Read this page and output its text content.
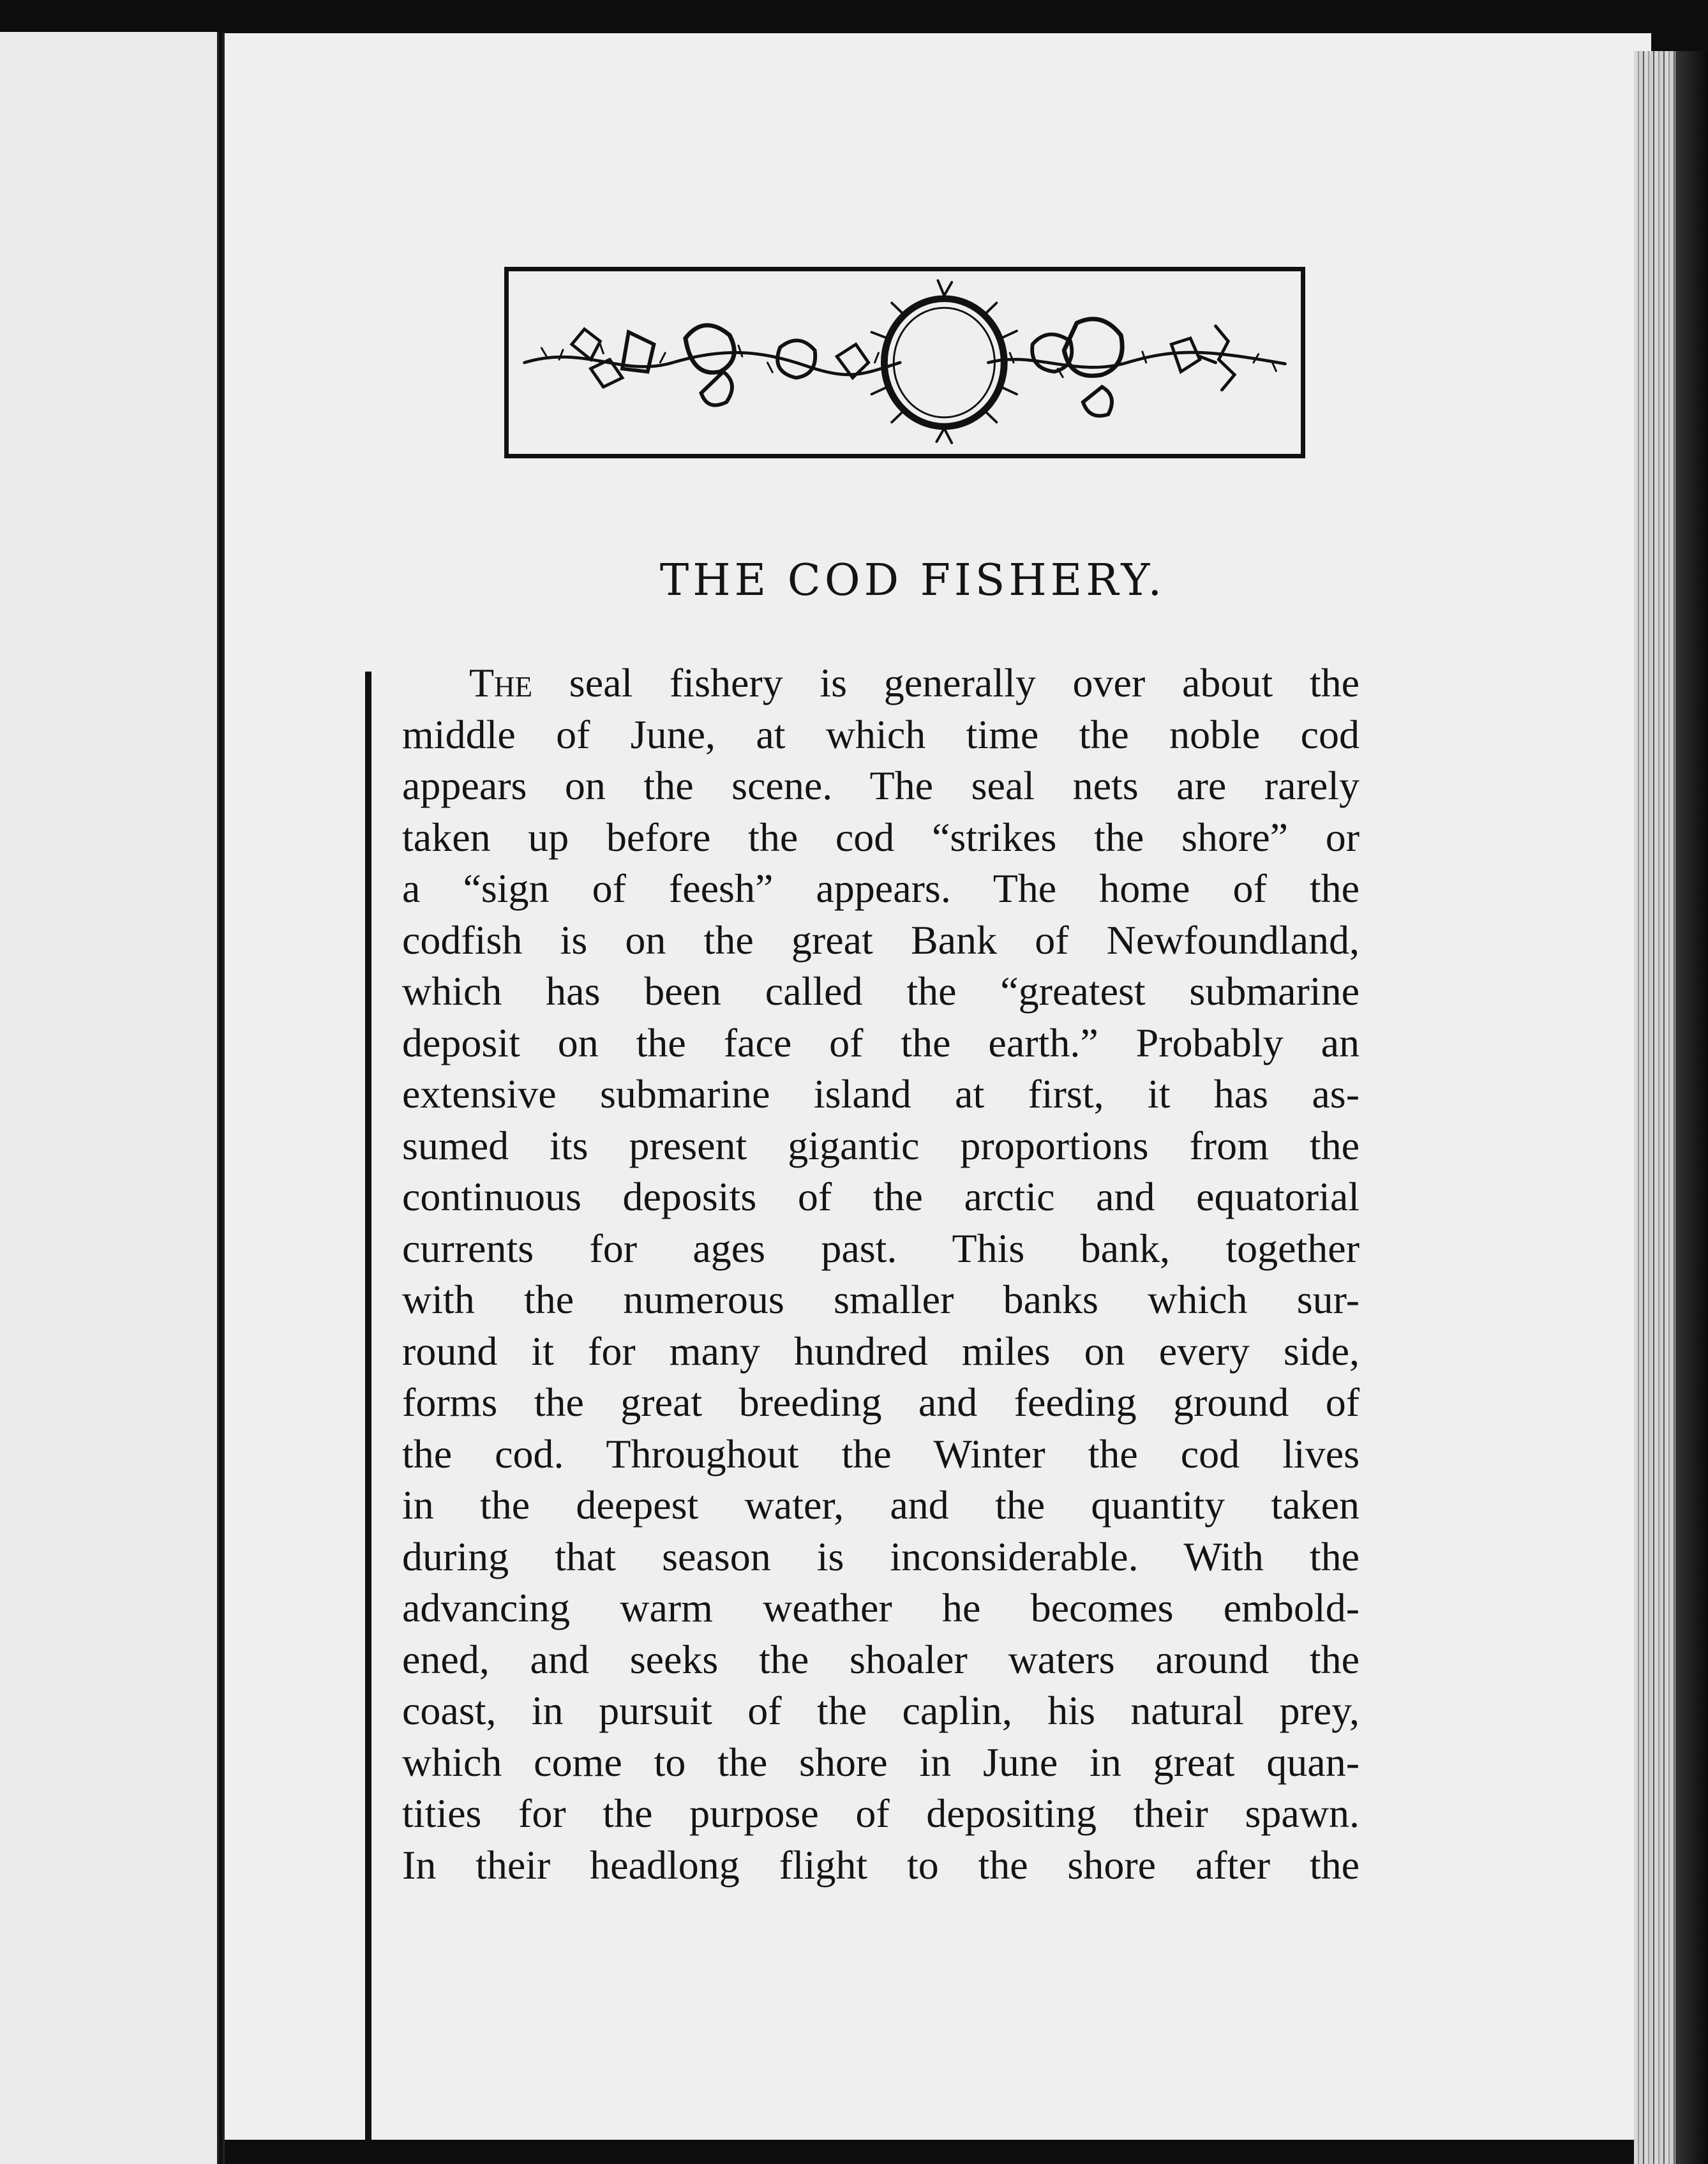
THE COD FISHERY.
The seal fishery is generally over about the
middle of June, at which time the noble cod
appears on the scene. The seal nets are rarely
taken up before the cod “strikes the shore” or
a “sign of feesh” appears. The home of the
codfish is on the great Bank of Newfoundland,
which has been called the “greatest submarine
deposit on the face of the earth.” Probably an
extensive submarine island at first, it has as-
sumed its present gigantic proportions from the
continuous deposits of the arctic and equatorial
currents for ages past. This bank, together
with the numerous smaller banks which sur-
round it for many hundred miles on every side,
forms the great breeding and feeding ground of
the cod. Throughout the Winter the cod lives
in the deepest water, and the quantity taken
during that season is inconsiderable. With the
advancing warm weather he becomes embold-
ened, and seeks the shoaler waters around the
coast, in pursuit of the caplin, his natural prey,
which come to the shore in June in great quan-
tities for the purpose of depositing their spawn.
In their headlong flight to the shore after the
